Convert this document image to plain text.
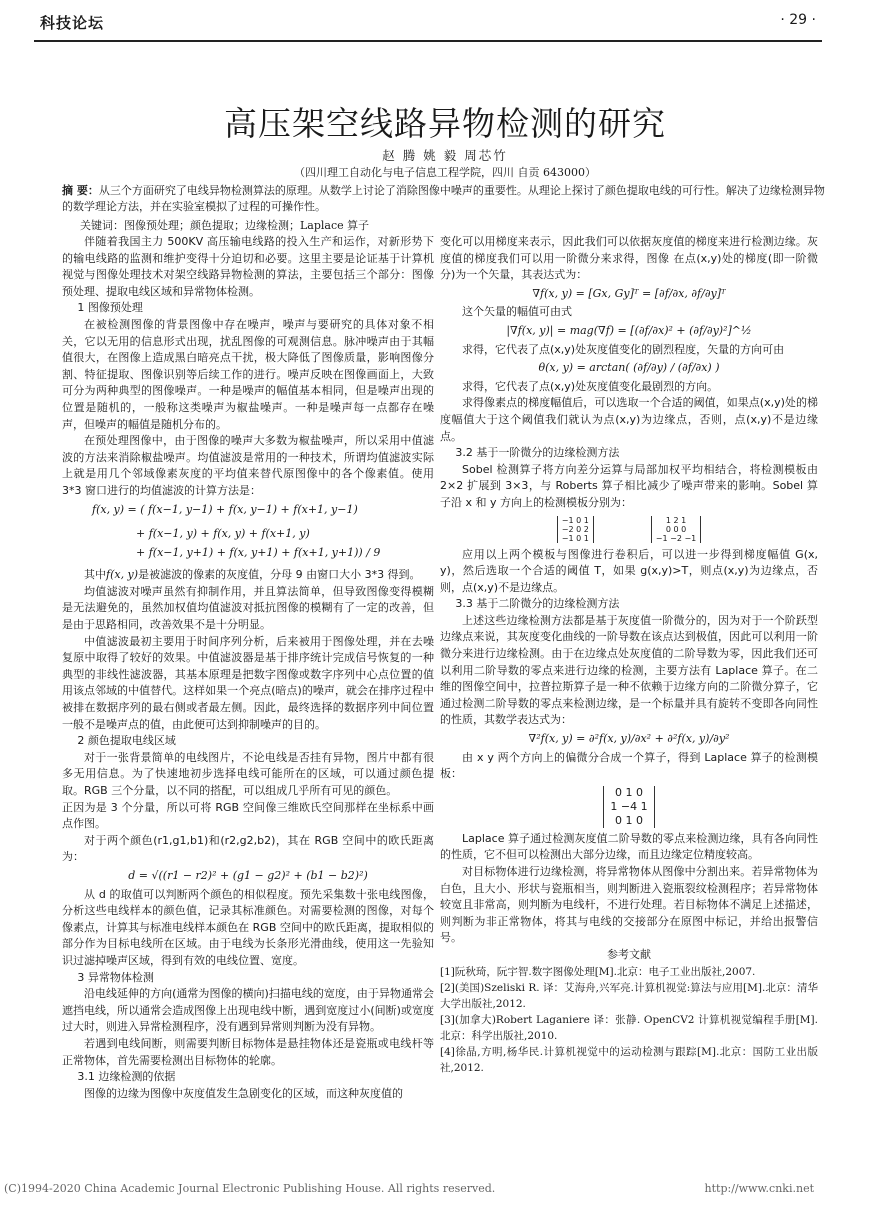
科技论坛	· 29 ·
高压架空线路异物检测的研究
赵 腾 姚 毅 周芯竹
（四川理工自动化与电子信息工程学院，四川 自贡 643000）
摘 要：从三个方面研究了电线异物检测算法的原理。从数学上讨论了消除图像中噪声的重要性。从理论上探讨了颜色提取电线的可行性。解决了边缘检测异物的数学理论方法，并在实验室模拟了过程的可操作性。
关键词：图像预处理；颜色提取；边缘检测；Laplace 算子

伴随着我国主力 500KV 高压输电线路的投入生产和运作，对新形势下的输电线路的监测和维护变得十分迫切和必要。这里主要是论证基于计算机视觉与图像处理技术对架空线路异物检测的算法，主要包括三个部分：图像预处理、提取电线区域和异常物体检测。

1 图像预处理

在被检测图像的背景图像中存在噪声，噪声与要研究的具体对象不相关，它以无用的信息形式出现，扰乱图像的可观测信息。脉冲噪声由于其幅值很大，在图像上造成黑白暗亮点干扰，极大降低了图像质量，影响图像分割、特征提取、图像识别等后续工作的进行。噪声反映在图像画面上，大致可分为两种典型的图像噪声。一种是噪声的幅值基本相同，但是噪声出现的位置是随机的，一般称这类噪声为椒盐噪声。一种是噪声每一点都存在噪声，但噪声的幅值是随机分布的。

在预处理图像中，由于图像的噪声大多数为椒盐噪声，所以采用中值滤波的方法来消除椒盐噪声。均值滤波是常用的一种技术，所谓均值滤波实际上就是用几个邻域像素灰度的平均值来替代原图像中的各个像素值。使用 3*3 窗口进行的均值滤波的计算方法是：

f(x, y) = ( f(x−1, y−1) + f(x, y−1) + f(x+1, y−1)
+ f(x−1, y) + f(x, y) + f(x+1, y)
+ f(x−1, y+1) + f(x, y+1) + f(x+1, y+1)) / 9

其中f(x, y)是被滤波的像素的灰度值，分母 9 由窗口大小 3*3 得到。

均值滤波对噪声虽然有抑制作用，并且算法简单，但导致图像变得模糊是无法避免的，虽然加权值均值滤波对抵抗图像的模糊有了一定的改善，但是由于思路相同，改善效果不是十分明显。

中值滤波最初主要用于时间序列分析，后来被用于图像处理，并在去噪复原中取得了较好的效果。中值滤波器是基于排序统计完成信号恢复的一种典型的非线性滤波器，其基本原理是把数字图像或数字序列中心点位置的值用该点邻域的中值替代。这样如果一个亮点(暗点)的噪声，就会在排序过程中被排在数据序列的最右侧或者最左侧。因此，最终选择的数据序列中间位置一般不是噪声点的值，由此便可达到抑制噪声的目的。

2 颜色提取电线区域

对于一张背景简单的电线图片，不论电线是否挂有异物，图片中都有很多无用信息。为了快速地初步选择电线可能所在的区域，可以通过颜色提取。RGB 三个分量，以不同的搭配，可以组成几乎所有可见的颜色。

正因为是 3 个分量，所以可将 RGB 空间像三维欧氏空间那样在坐标系中画点作图。

对于两个颜色(r1,g1,b1)和(r2,g2,b2)，其在 RGB 空间中的欧氏距离为：

d = √((r1 − r2)² + (g1 − g2)² + (b1 − b2)²)

从 d 的取值可以判断两个颜色的相似程度。预先采集数十张电线图像，分析这些电线样本的颜色值，记录其标准颜色。对需要检测的图像，对每个像素点，计算其与标准电线样本颜色在 RGB 空间中的欧氏距离，提取相似的部分作为目标电线所在区域。由于电线为长条形光滑曲线，使用这一先验知识过滤掉噪声区域，得到有效的电线位置、宽度。

3 异常物体检测

沿电线延伸的方向(通常为图像的横向)扫描电线的宽度，由于异物通常会遮挡电线，所以通常会造成图像上出现电线中断，遇到宽度过小(间断)或宽度过大时，则进入异常检测程序，没有遇到异常则判断为没有异物。

若遇到电线间断，则需要判断目标物体是悬挂物体还是瓷瓶或电线杆等正常物体，首先需要检测出目标物体的轮廓。

3.1 边缘检测的依据

图像的边缘为图像中灰度值发生急剧变化的区域，而这种灰度值的

变化可以用梯度来表示，因此我们可以依据灰度值的梯度来进行检测边缘。灰度值的梯度我们可以用一阶微分来求得，图像 在点(x,y)处的梯度(即一阶微分)为一个矢量，其表达式为：

∇f(x, y) = [Gx, Gy]ᵀ = [∂f/∂x, ∂f/∂y]ᵀ

这个矢量的幅值可由式

|∇f(x, y)| = mag(∇f) = [(∂f/∂x)² + (∂f/∂y)²]^½

求得，它代表了点(x,y)处灰度值变化的剧烈程度，矢量的方向可由

θ(x, y) = arctan( (∂f/∂y) / (∂f/∂x) )

求得，它代表了点(x,y)处灰度值变化最剧烈的方向。

求得像素点的梯度幅值后，可以选取一个合适的阈值，如果点(x,y)处的梯度幅值大于这个阈值我们就认为点(x,y)为边缘点，否则，点(x,y)不是边缘点。

3.2 基于一阶微分的边缘检测方法

Sobel 检测算子将方向差分运算与局部加权平均相结合，将检测模板由 2×2 扩展到 3×3，与 Roberts 算子相比减少了噪声带来的影响。Sobel 算子沿 x 和 y 方向上的检测模板分别为：

−1 0 1
−2 0 2
−1 0 1

1 2 1
0 0 0
−1 −2 −1

应用以上两个模板与图像进行卷积后，可以进一步得到梯度幅值 G(x, y)，然后选取一个合适的阈值 T，如果 g(x,y)>T，则点(x,y)为边缘点，否则，点(x,y)不是边缘点。

3.3 基于二阶微分的边缘检测方法

上述这些边缘检测方法都是基于灰度值一阶微分的，因为对于一个阶跃型边缘点来说，其灰度变化曲线的一阶导数在该点达到极值，因此可以利用一阶微分来进行边缘检测。由于在边缘点处灰度值的二阶导数为零，因此我们还可以利用二阶导数的零点来进行边缘的检测，主要方法有 Laplace 算子。在二维的图像空间中，拉普拉斯算子是一种不依赖于边缘方向的二阶微分算子，它通过检测二阶导数的零点来检测边缘，是一个标量并具有旋转不变即各向同性的性质，其数学表达式为：

∇²f(x, y) = ∂²f(x, y)/∂x² + ∂²f(x, y)/∂y²

由 x y 两个方向上的偏微分合成一个算子，得到 Laplace 算子的检测模板：

0 1 0
1 −4 1
0 1 0

Laplace 算子通过检测灰度值二阶导数的零点来检测边缘，具有各向同性的性质，它不但可以检测出大部分边缘，而且边缘定位精度较高。

对目标物体进行边缘检测，将异常物体从图像中分割出来。若异常物体为白色，且大小、形状与瓷瓶相当，则判断进入瓷瓶裂纹检测程序；若异常物体较宽且非常高，则判断为电线杆，不进行处理。若目标物体不满足上述描述，则判断为非正常物体，将其与电线的交接部分在原图中标记，并给出报警信号。

参考文献

[1]阮秋琦，阮宇智.数字图像处理[M].北京：电子工业出版社,2007.

[2](美国)Szeliski R. 译：艾海舟,兴军亮.计算机视觉:算法与应用[M].北京：清华大学出版社,2012.

[3](加拿大)Robert Laganiere 译：张静. OpenCV2 计算机视觉编程手册[M].北京：科学出版社,2010.

[4]徐晶,方明,杨华民.计算机视觉中的运动检测与跟踪[M].北京：国防工业出版社,2012.

(C)1994-2020 China Academic Journal Electronic Publishing House. All rights reserved.	http://www.cnki.net
